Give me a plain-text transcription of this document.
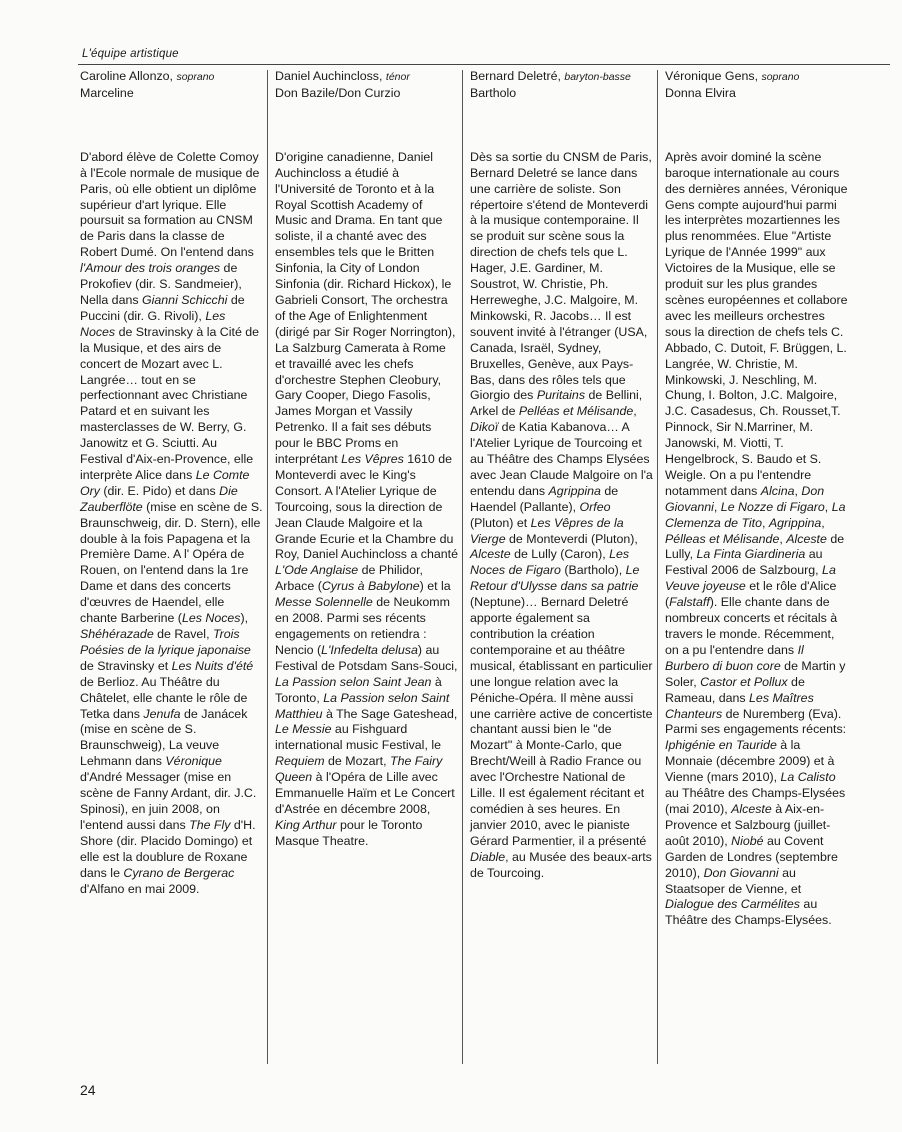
L'équipe artistique
Caroline Allonzo, soprano
Marceline

D'abord élève de Colette Comoy à l'Ecole normale de musique de Paris, où elle obtient un diplôme supérieur d'art lyrique. Elle poursuit sa formation au CNSM de Paris dans la classe de Robert Dumé. On l'entend dans l'Amour des trois oranges de Prokofiev (dir. S. Sandmeier), Nella dans Gianni Schicchi de Puccini (dir. G. Rivoli), Les Noces de Stravinsky à la Cité de la Musique, et des airs de concert de Mozart avec L. Langrée… tout en se perfectionnant avec Christiane Patard et en suivant les masterclasses de W. Berry, G. Janowitz et G. Sciutti. Au Festival d'Aix-en-Provence, elle interprète Alice dans Le Comte Ory (dir. E. Pido) et dans Die Zauberflöte (mise en scène de S. Braunschweig, dir. D. Stern), elle double à la fois Papagena et la Première Dame. A l' Opéra de Rouen, on l'entend dans la 1re Dame et dans des concerts d'œuvres de Haendel, elle chante Barberine (Les Noces), Shéhérazade de Ravel, Trois Poésies de la lyrique japonaise de Stravinsky et Les Nuits d'été de Berlioz. Au Théâtre du Châtelet, elle chante le rôle de Tetka dans Jenufa de Janácek (mise en scène de S. Braunschweig), La veuve Lehmann dans Véronique d'André Messager (mise en scène de Fanny Ardant, dir. J.C. Spinosi), en juin 2008, on l'entend aussi dans The Fly d'H. Shore (dir. Placido Domingo) et elle est la doublure de Roxane dans le Cyrano de Bergerac d'Alfano en mai 2009.

Daniel Auchincloss, ténor
Don Bazile/Don Curzio

D'origine canadienne, Daniel Auchincloss a étudié à l'Université de Toronto et à la Royal Scottish Academy of Music and Drama. En tant que soliste, il a chanté avec des ensembles tels que le Britten Sinfonia, la City of London Sinfonia (dir. Richard Hickox), le Gabrieli Consort, The orchestra of the Age of Enlightenment (dirigé par Sir Roger Norrington), La Salzburg Camerata à Rome et travaillé avec les chefs d'orchestre Stephen Cleobury, Gary Cooper, Diego Fasolis, James Morgan et Vassily Petrenko. Il a fait ses débuts pour le BBC Proms en interprétant Les Vêpres 1610 de Monteverdi avec le King's Consort. A l'Atelier Lyrique de Tourcoing, sous la direction de Jean Claude Malgoire et la Grande Ecurie et la Chambre du Roy, Daniel Auchincloss a chanté L'Ode Anglaise de Philidor, Arbace (Cyrus à Babylone) et la Messe Solennelle de Neukomm en 2008. Parmi ses récents engagements on retiendra : Nencio (L'Infedelta delusa) au Festival de Potsdam Sans-Souci, La Passion selon Saint Jean à Toronto, La Passion selon Saint Matthieu à The Sage Gateshead, Le Messie au Fishguard international music Festival, le Requiem de Mozart, The Fairy Queen à l'Opéra de Lille avec Emmanuelle Haïm et Le Concert d'Astrée en décembre 2008, King Arthur pour le Toronto Masque Theatre.

Bernard Deletré, baryton-basse
Bartholo

Dès sa sortie du CNSM de Paris, Bernard Deletré se lance dans une carrière de soliste. Son répertoire s'étend de Monteverdi à la musique contemporaine. Il se produit sur scène sous la direction de chefs tels que L. Hager, J.E. Gardiner, M. Soustrot, W. Christie, Ph. Herreweghe, J.C. Malgoire, M. Minkowski, R. Jacobs… Il est souvent invité à l'étranger (USA, Canada, Israël, Sydney, Bruxelles, Genève, aux Pays-Bas, dans des rôles tels que Giorgio des Puritains de Bellini, Arkel de Pelléas et Mélisande, Dikoï de Katia Kabanova… A l'Atelier Lyrique de Tourcoing et au Théâtre des Champs Elysées avec Jean Claude Malgoire on l'a entendu dans Agrippina de Haendel (Pallante), Orfeo (Pluton) et Les Vêpres de la Vierge de Monteverdi (Pluton), Alceste de Lully (Caron), Les Noces de Figaro (Bartholo), Le Retour d'Ulysse dans sa patrie (Neptune)… Bernard Deletré apporte également sa contribution la création contemporaine et au théâtre musical, établissant en particulier une longue relation avec la Péniche-Opéra. Il mène aussi une carrière active de concertiste chantant aussi bien le "de Mozart" à Monte-Carlo, que Brecht/Weill à Radio France ou avec l'Orchestre National de Lille. Il est également récitant et comédien à ses heures. En janvier 2010, avec le pianiste Gérard Parmentier, il a présenté Diable, au Musée des beaux-arts de Tourcoing.

Véronique Gens, soprano
Donna Elvira

Après avoir dominé la scène baroque internationale au cours des dernières années, Véronique Gens compte aujourd'hui parmi les interprètes mozartiennes les plus renommées. Elue "Artiste Lyrique de l'Année 1999" aux Victoires de la Musique, elle se produit sur les plus grandes scènes européennes et collabore avec les meilleurs orchestres sous la direction de chefs tels C. Abbado, C. Dutoit, F. Brüggen, L. Langrée, W. Christie, M. Minkowski, J. Neschling, M. Chung, I. Bolton, J.C. Malgoire, J.C. Casadesus, Ch. Rousset,T. Pinnock, Sir N.Marriner, M. Janowski, M. Viotti, T. Hengelbrock, S. Baudo et S. Weigle. On a pu l'entendre notamment dans Alcina, Don Giovanni, Le Nozze di Figaro, La Clemenza de Tito, Agrippina, Pélleas et Mélisande, Alceste de Lully, La Finta Giardineria au Festival 2006 de Salzbourg, La Veuve joyeuse et le rôle d'Alice (Falstaff). Elle chante dans de nombreux concerts et récitals à travers le monde. Récemment, on a pu l'entendre dans Il Burbero di buon core de Martin y Soler, Castor et Pollux de Rameau, dans Les Maîtres Chanteurs de Nuremberg (Eva). Parmi ses engagements récents: Iphigénie en Tauride à la Monnaie (décembre 2009) et à Vienne (mars 2010), La Calisto au Théâtre des Champs-Elysées (mai 2010), Alceste à Aix-en-Provence et Salzbourg (juillet-août 2010), Niobé au Covent Garden de Londres (septembre 2010), Don Giovanni au Staatsoper de Vienne, et Dialogue des Carmélites au Théâtre des Champs-Elysées.

24
